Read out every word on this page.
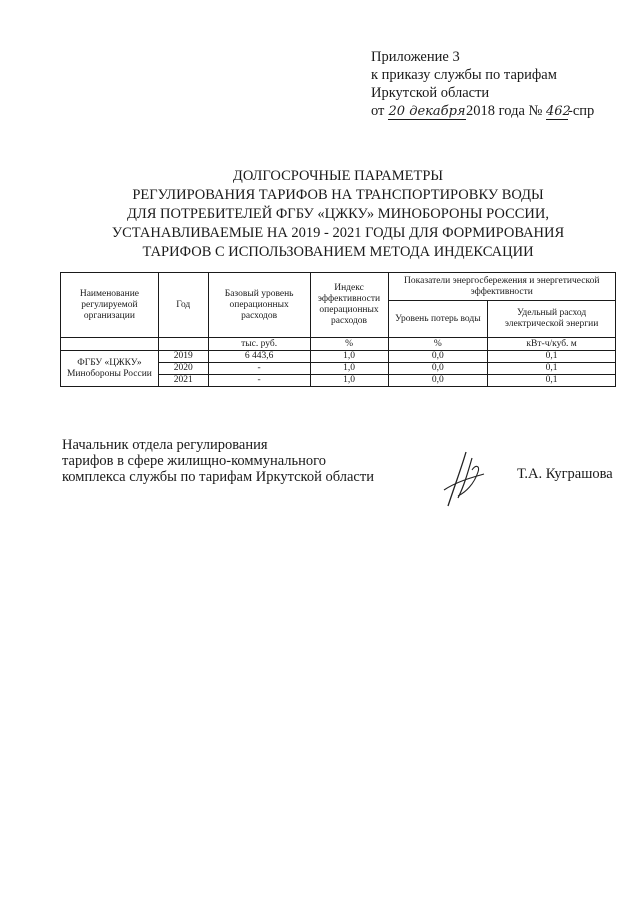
Приложение 3
к приказу службы по тарифам
Иркутской области
от 20 декабря2018 года № 462-спр
ДОЛГОСРОЧНЫЕ ПАРАМЕТРЫ
РЕГУЛИРОВАНИЯ ТАРИФОВ НА ТРАНСПОРТИРОВКУ ВОДЫ
ДЛЯ ПОТРЕБИТЕЛЕЙ ФГБУ «ЦЖКУ» МИНОБОРОНЫ РОССИИ,
УСТАНАВЛИВАЕМЫЕ НА 2019 - 2021 ГОДЫ ДЛЯ ФОРМИРОВАНИЯ
ТАРИФОВ С ИСПОЛЬЗОВАНИЕМ МЕТОДА ИНДЕКСАЦИИ
Наименование регулируемой организации	Год	Базовый уровень операционных расходов	Индекс эффективности операционных расходов	Показатели энергосбережения и энергетической эффективности	
				Уровень потерь воды	Удельный расход электрической энергии
		тыс. руб.	%	%	кВт-ч/куб. м
ФГБУ «ЦЖКУ» Минобороны России	2019	6 443,6	1,0	0,0	0,1
	2020	-	1,0	0,0	0,1
	2021	-	1,0	0,0	0,1
Начальник отдела регулирования
тарифов в сфере жилищно-коммунального
комплекса службы по тарифам Иркутской области	Т.А. Куграшова
